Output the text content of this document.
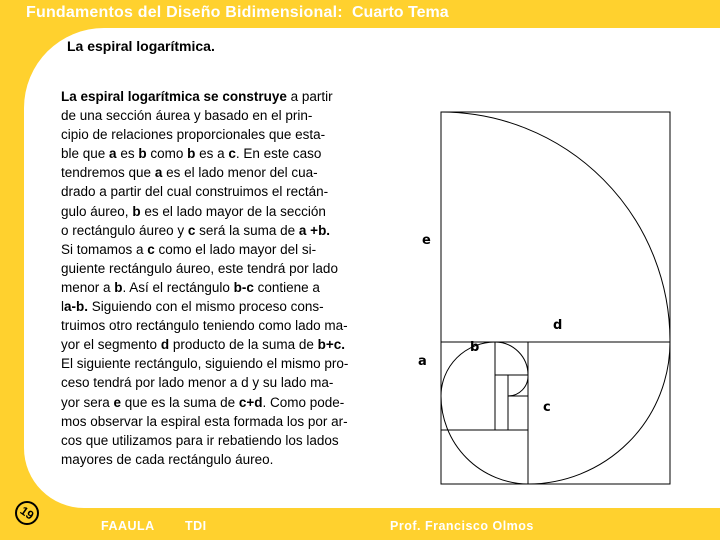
Fundamentos del Diseño Bidimensional: Cuarto Tema
La espiral logarítmica.

La espiral logarítmica se construye a partir
de una sección áurea y basado en el prin-
cipio de relaciones proporcionales que esta-
ble que a es b como b es a c. En este caso
tendremos que a es el lado menor del cua-
drado a partir del cual construimos el rectán-
gulo áureo, b es el lado mayor de la sección
o rectángulo áureo y c será la suma de a +b.
Si tomamos a c como el lado mayor del si-
guiente rectángulo áureo, este tendrá por lado
menor a b. Así el rectángulo b-c contiene a
la-b. Siguiendo con el mismo proceso cons-
truimos otro rectángulo teniendo como lado ma-
yor el segmento d producto de la suma de b+c.
El siguiente rectángulo, siguiendo el mismo pro-
ceso tendrá por lado menor a d y su lado ma-
yor sera e que es la suma de c+d. Como pode-
mos observar la espiral esta formada los por ar-
cos que utilizamos para ir rebatiendo los lados
mayores de cada rectángulo áureo.

e
a
b
d
c
19
FAAULA TDI	Prof. Francisco Olmos
